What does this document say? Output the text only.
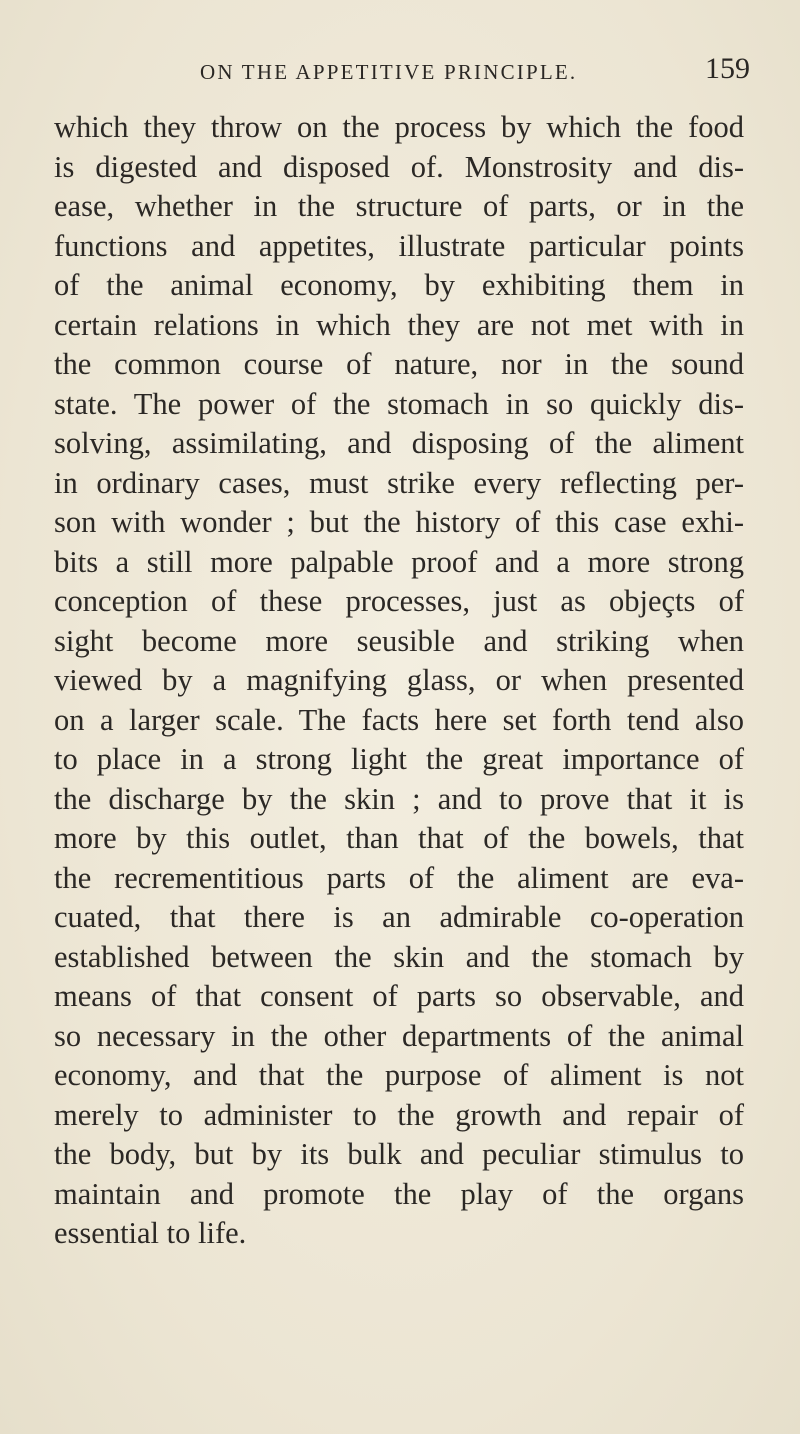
ON THE APPETITIVE PRINCIPLE.	159
which they throw on the process by which the food
is digested and disposed of. Monstrosity and dis-
ease, whether in the structure of parts, or in the
functions and appetites, illustrate particular points
of the animal economy, by exhibiting them in
certain relations in which they are not met with in
the common course of nature, nor in the sound
state. The power of the stomach in so quickly dis-
solving, assimilating, and disposing of the aliment
in ordinary cases, must strike every reflecting per-
son with wonder ; but the history of this case exhi-
bits a still more palpable proof and a more strong
conception of these processes, just as objeçts of
sight become more seusible and striking when
viewed by a magnifying glass, or when presented
on a larger scale. The facts here set forth tend also
to place in a strong light the great importance of
the discharge by the skin ; and to prove that it is
more by this outlet, than that of the bowels, that
the recrementitious parts of the aliment are eva-
cuated, that there is an admirable co-operation
established between the skin and the stomach by
means of that consent of parts so observable, and
so necessary in the other departments of the animal
economy, and that the purpose of aliment is not
merely to administer to the growth and repair of
the body, but by its bulk and peculiar stimulus to
maintain and promote the play of the organs
essential to life.
